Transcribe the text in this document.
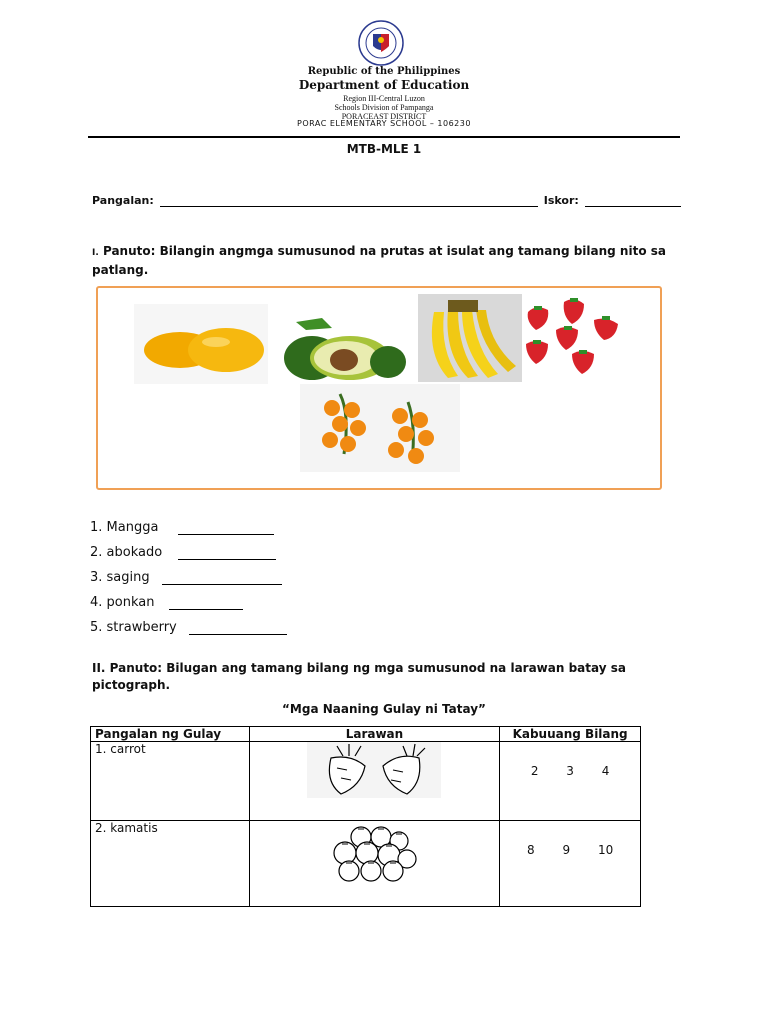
Republic of the Philippines
Department of Education
Region III-Central Luzon
Schools Division of Pampanga
PORACEAST DISTRICT
PORAC ELEMENTARY SCHOOL – 106230
MTB-MLE 1
Pangalan:	Iskor:
I. Panuto: Bilangin angmga sumusunod na prutas at isulat ang tamang bilang nito sa patlang.
1. Mangga
2. abokado
3. saging
4. ponkan
5. strawberry
II. Panuto: Bilugan ang tamang bilang ng mga sumusunod na larawan batay sa pictograph.
“Mga Naaning Gulay ni Tatay”
Pangalan ng Gulay	Larawan	Kabuuang Bilang
1. carrot		2 3 4
2. kamatis		8 9 10
